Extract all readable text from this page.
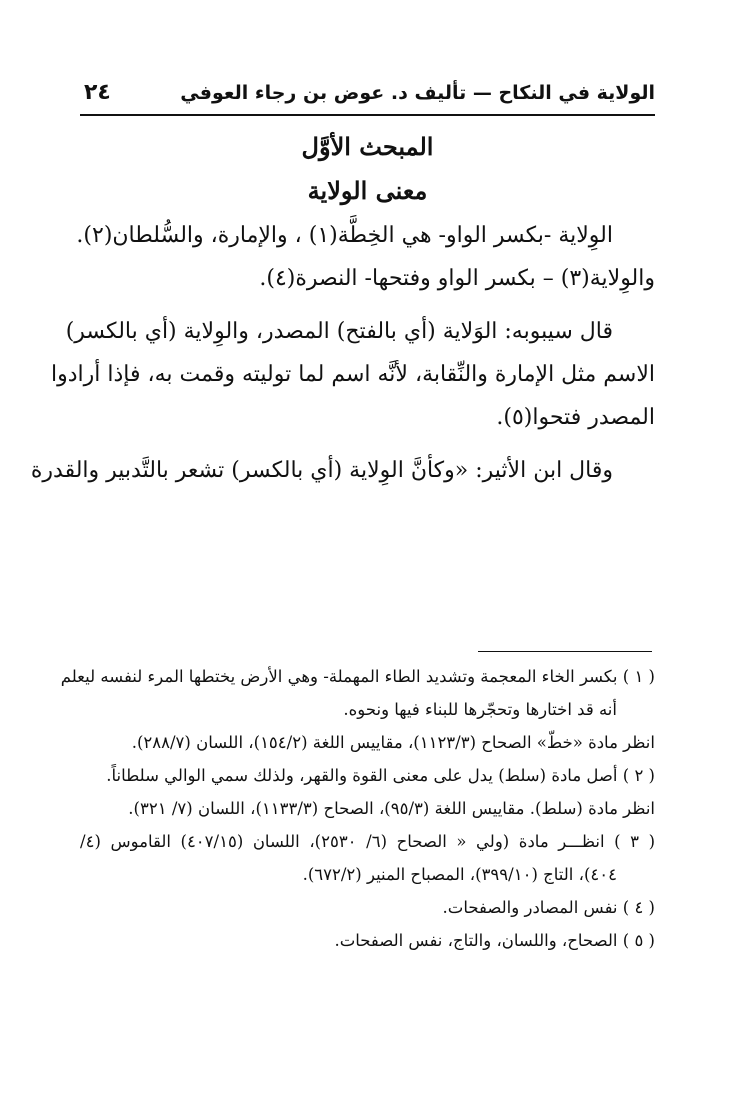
الولاية في النكاح — تأليف د. عوض بن رجاء العوفي
٢٤
المبحث الأوَّل
معنى الولاية

الوِلاية -بكسر الواو- هي الخِطَّة(١) ، والإمارة، والسُّلطان(٢).

والوِلاية(٣) – بكسر الواو وفتحها- النصرة(٤).

قال سيبوبه: الوَلاية (أي بالفتح) المصدر، والوِلاية (أي بالكسر)

الاسم مثل الإمارة والنِّقابة، لأنَّه اسم لما توليته وقمت به، فإذا أرادوا

المصدر فتحوا(٥).

وقال ابن الأثير: «وكأنَّ الوِلاية (أي بالكسر) تشعر بالتَّدبير والقدرة

( ١ ) بكسر الخاء المعجمة وتشديد الطاء المهملة- وهي الأرض يختطها المرء لنفسه ليعلم

أنه قد اختارها وتحجّرها للبناء فيها ونحوه.

انظر مادة «خطّ» الصحاح (١١٢٣/٣)، مقاييس اللغة (١٥٤/٢)، اللسان (٢٨٨/٧).

( ٢ ) أصل مادة (سلط) يدل على معنى القوة والقهر، ولذلك سمي الوالي سلطاناً.

انظر مادة (سلط). مقاييس اللغة (٩٥/٣)، الصحاح (١١٣٣/٣)، اللسان (٧/ ٣٢١).

( ٣ ) انظـــر مادة (ولي « الصحاح (٦/ ٢٥٣٠)، اللسان (٤٠٧/١٥) القاموس (٤/

٤٠٤)، التاج (٣٩٩/١٠)، المصباح المنير (٦٧٢/٢).

( ٤ ) نفس المصادر والصفحات.

( ٥ ) الصحاح، واللسان، والتاج، نفس الصفحات.
